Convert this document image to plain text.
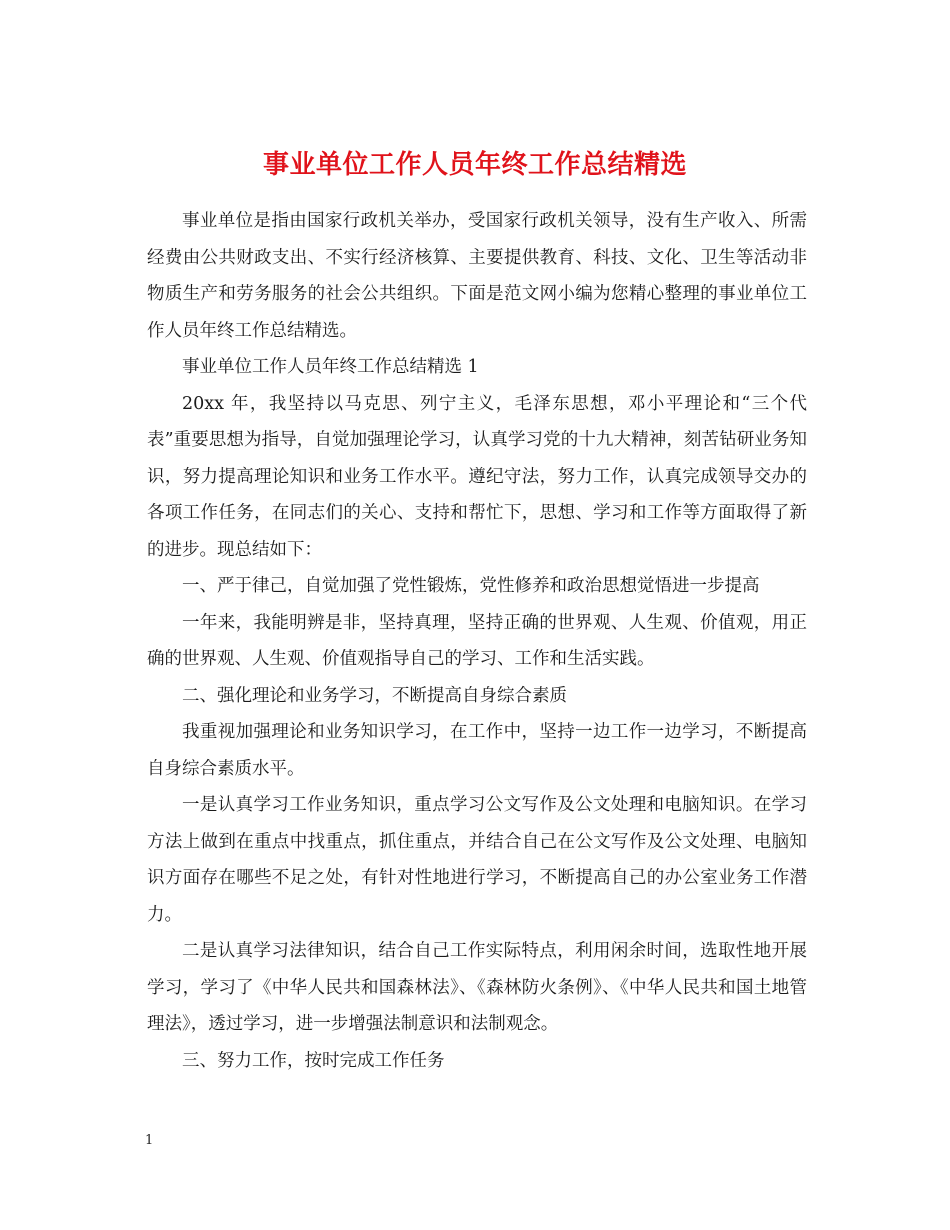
事业单位工作人员年终工作总结精选

事业单位是指由国家行政机关举办，受国家行政机关领导，没有生产收入、所需经费由公共财政支出、不实行经济核算、主要提供教育、科技、文化、卫生等活动非物质生产和劳务服务的社会公共组织。下面是范文网小编为您精心整理的事业单位工作人员年终工作总结精选。

事业单位工作人员年终工作总结精选 1

20xx 年，我坚持以马克思、列宁主义，毛泽东思想，邓小平理论和“三个代表”重要思想为指导，自觉加强理论学习，认真学习党的十九大精神，刻苦钻研业务知识，努力提高理论知识和业务工作水平。遵纪守法，努力工作，认真完成领导交办的各项工作任务，在同志们的关心、支持和帮忙下，思想、学习和工作等方面取得了新的进步。现总结如下：

一、严于律己，自觉加强了党性锻炼，党性修养和政治思想觉悟进一步提高

一年来，我能明辨是非，坚持真理，坚持正确的世界观、人生观、价值观，用正确的世界观、人生观、价值观指导自己的学习、工作和生活实践。

二、强化理论和业务学习，不断提高自身综合素质

我重视加强理论和业务知识学习，在工作中，坚持一边工作一边学习，不断提高自身综合素质水平。

一是认真学习工作业务知识，重点学习公文写作及公文处理和电脑知识。在学习方法上做到在重点中找重点，抓住重点，并结合自己在公文写作及公文处理、电脑知识方面存在哪些不足之处，有针对性地进行学习，不断提高自己的办公室业务工作潜力。

二是认真学习法律知识，结合自己工作实际特点，利用闲余时间，选取性地开展学习，学习了《中华人民共和国森林法》、《森林防火条例》、《中华人民共和国土地管理法》，透过学习，进一步增强法制意识和法制观念。

三、努力工作，按时完成工作任务

1
